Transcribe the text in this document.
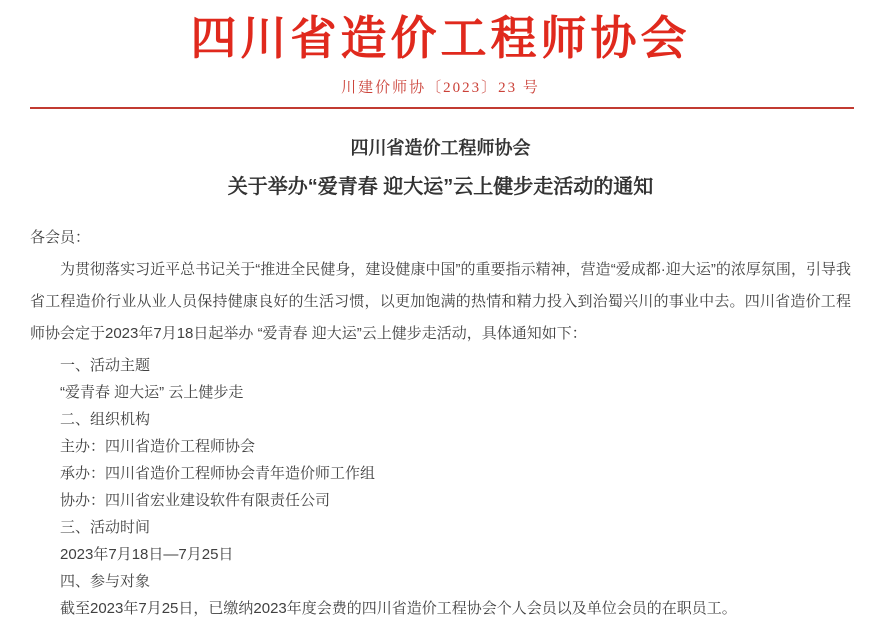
四川省造价工程师协会
川建价师协〔2023〕23 号
四川省造价工程师协会
关于举办“爱青春 迎大运”云上健步走活动的通知
各会员：
为贯彻落实习近平总书记关于“推进全民健身，建设健康中国”的重要指示精神，营造“爱成都·迎大运”的浓厚氛围，引导我省工程造价行业从业人员保持健康良好的生活习惯，以更加饱满的热情和精力投入到治蜀兴川的事业中去。四川省造价工程师协会定于2023年7月18日起举办 “爱青春 迎大运”云上健步走活动，具体通知如下：
一、活动主题
“爱青春 迎大运” 云上健步走
二、组织机构
主办：四川省造价工程师协会
承办：四川省造价工程师协会青年造价师工作组
协办：四川省宏业建设软件有限责任公司
三、活动时间
2023年7月18日—7月25日
四、参与对象
截至2023年7月25日，已缴纳2023年度会费的四川省造价工程协会个人会员以及单位会员的在职员工。
